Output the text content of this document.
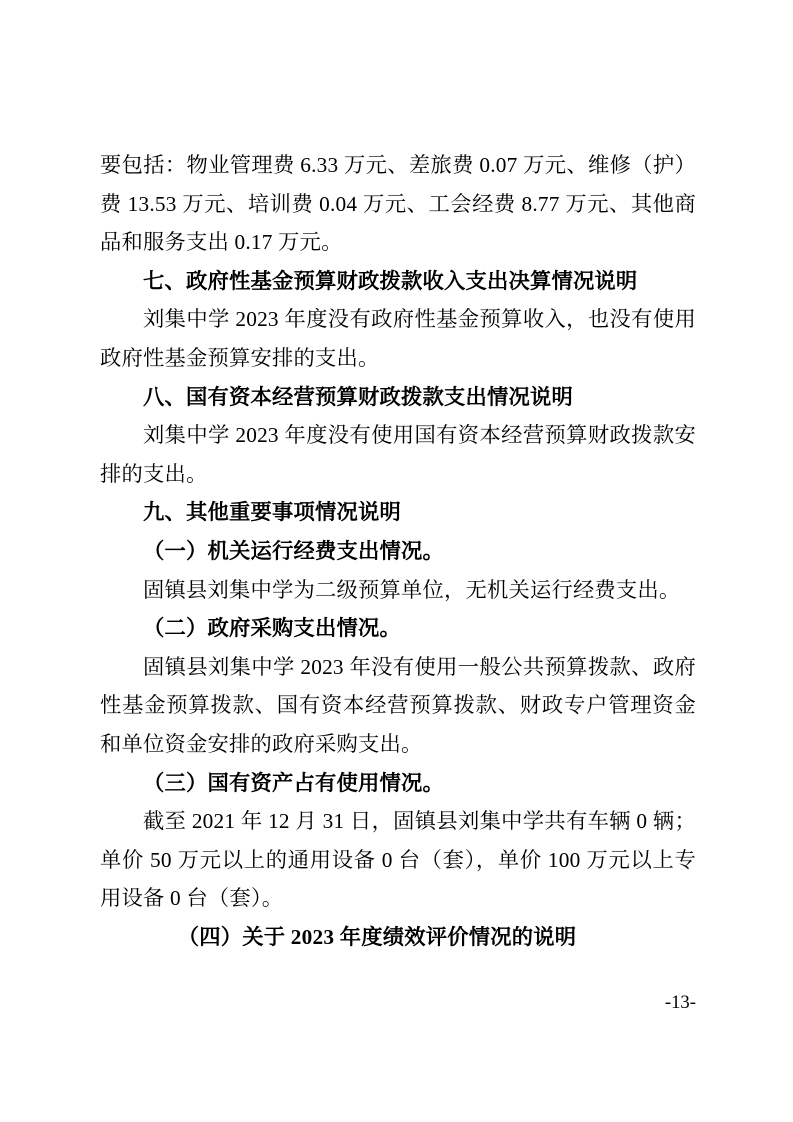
要包括：物业管理费 6.33 万元、差旅费 0.07 万元、维修（护）费 13.53 万元、培训费 0.04 万元、工会经费 8.77 万元、其他商品和服务支出 0.17 万元。

七、政府性基金预算财政拨款收入支出决算情况说明

刘集中学 2023 年度没有政府性基金预算收入，也没有使用政府性基金预算安排的支出。

八、国有资本经营预算财政拨款支出情况说明

刘集中学 2023 年度没有使用国有资本经营预算财政拨款安排的支出。

九、其他重要事项情况说明
（一）机关运行经费支出情况。

固镇县刘集中学为二级预算单位，无机关运行经费支出。

（二）政府采购支出情况。

固镇县刘集中学 2023 年没有使用一般公共预算拨款、政府性基金预算拨款、国有资本经营预算拨款、财政专户管理资金和单位资金安排的政府采购支出。

（三）国有资产占有使用情况。

截至 2021 年 12 月 31 日，固镇县刘集中学共有车辆 0 辆；单价 50 万元以上的通用设备 0 台（套），单价 100 万元以上专用设备 0 台（套）。

（四）关于 2023 年度绩效评价情况的说明
-13-
